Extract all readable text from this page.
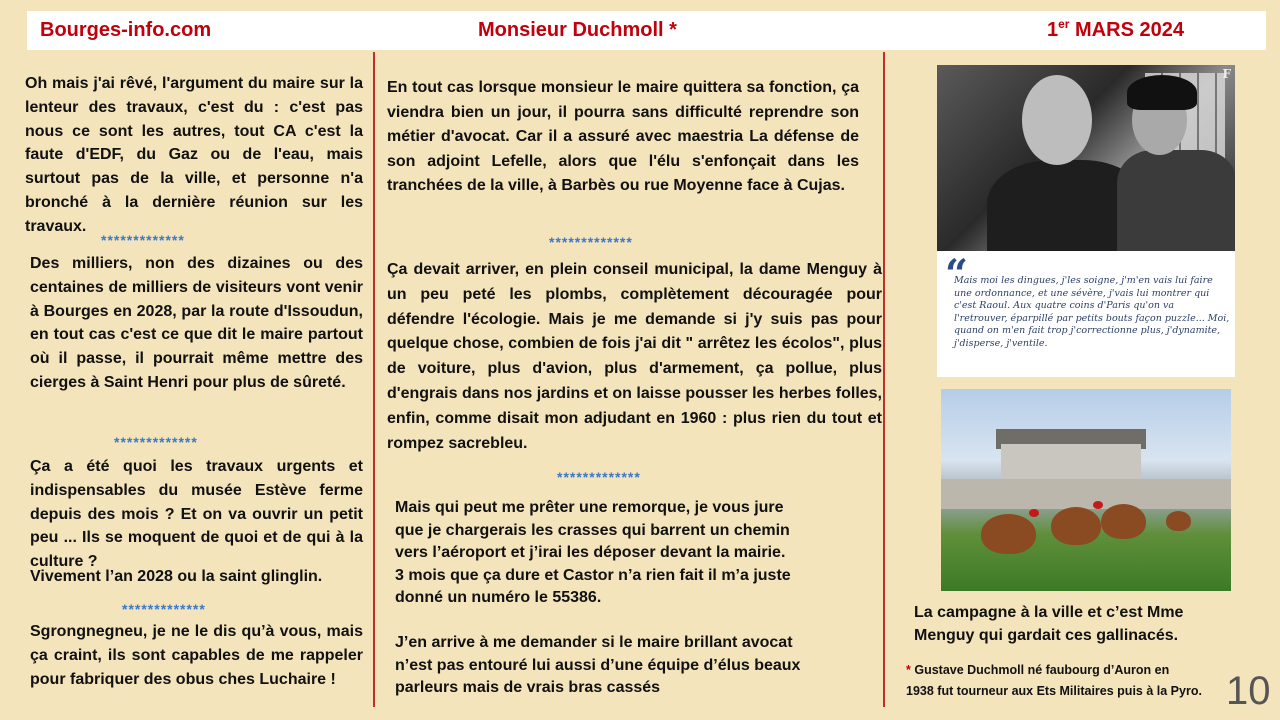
Bourges-info.com	Monsieur Duchmoll *	1er MARS 2024

Oh mais j'ai rêvé, l'argument du maire sur la lenteur des travaux, c'est du : c'est pas nous ce sont les autres, tout CA c'est la faute d'EDF, du Gaz ou de l'eau, mais surtout pas de la ville, et personne n'a bronché à la dernière réunion sur les travaux.

*************

Des milliers, non des dizaines ou des centaines de milliers de visiteurs vont venir à Bourges en 2028, par la route d'Issoudun, en tout cas c'est ce que dit le maire partout où il passe, il pourrait même mettre des cierges à Saint Henri pour plus de sûreté.

*************

Ça a été quoi les travaux urgents et indispensables du musée Estève ferme depuis des mois ? Et on va ouvrir un petit peu ... Ils se moquent de quoi et de qui à la culture ?

Vivement l’an 2028 ou la saint glinglin.

*************

Sgrongnegneu, je ne le dis qu’à vous, mais ça craint, ils sont capables de me rappeler pour fabriquer des obus ches Luchaire !

En tout cas lorsque monsieur le maire quittera sa fonction, ça viendra bien un jour, il pourra sans difficulté reprendre son métier d'avocat. Car il a assuré avec maestria La défense de son adjoint Lefelle, alors que l'élu s'enfonçait dans les tranchées de la ville, à Barbès ou rue Moyenne face à Cujas.

*************

Ça devait arriver, en plein conseil municipal, la dame Menguy à un peu peté les plombs, complètement découragée pour défendre l'écologie. Mais je me demande si j'y suis pas pour quelque chose, combien de fois j'ai dit " arrêtez les écolos", plus de voiture, plus d'avion, plus d'armement, ça pollue, plus d'engrais dans nos jardins et on laisse pousser les herbes folles, enfin, comme disait mon adjudant en 1960 : plus rien du tout et rompez sacrebleu.

*************
Mais qui peut me prêter une remorque, je vous jure
que je chargerais les crasses qui barrent un chemin
vers l’aéroport et j’irai les déposer devant la mairie.
3 mois que ça dure et Castor n’a rien fait il m’a juste
donné un numéro le 55386.
J’en arrive à me demander si le maire brillant avocat
n’est pas entouré lui aussi d’une équipe d’élus beaux
parleurs mais de vrais bras cassés
F
“

Mais moi les dingues, j'les soigne, j'm'en vais lui faire une ordonnance, et une sévère, j'vais lui montrer qui c'est Raoul. Aux quatre coins d'Paris qu'on va l'retrouver, éparpillé par petits bouts façon puzzle... Moi, quand on m'en fait trop j'correctionne plus, j'dynamite, j'disperse, j'ventile.

La campagne à la ville et c’est Mme
Menguy qui gardait ces gallinacés.
* Gustave Duchmoll né faubourg d’Auron en
1938 fut tourneur aux Ets Militaires puis à la Pyro. 10
